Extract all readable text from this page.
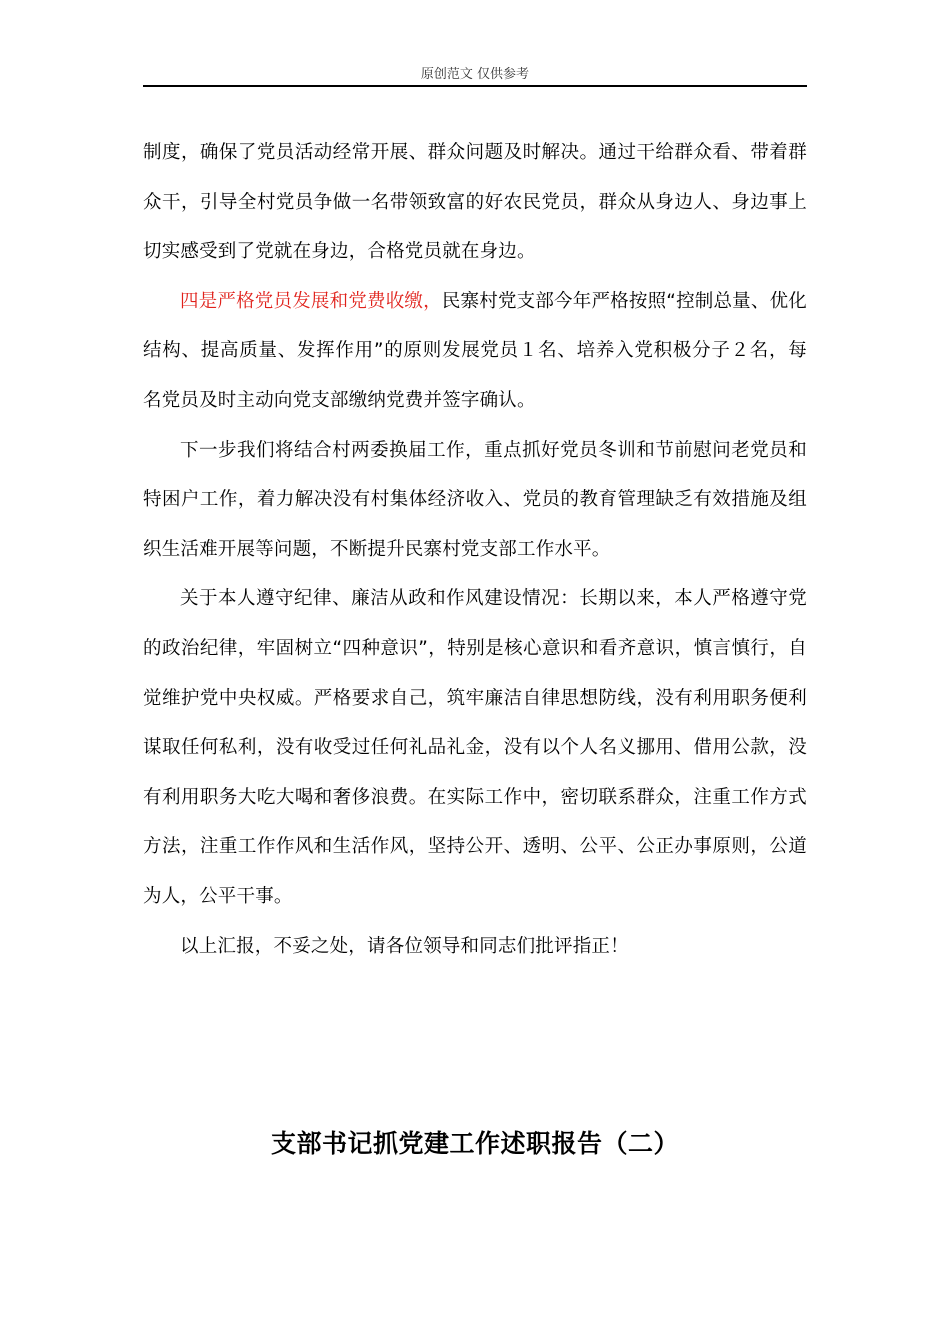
原创范文 仅供参考

制度，确保了党员活动经常开展、群众问题及时解决。通过干给群众看、带着群众干，引导全村党员争做一名带领致富的好农民党员，群众从身边人、身边事上切实感受到了党就在身边，合格党员就在身边。

四是严格党员发展和党费收缴，民寨村党支部今年严格按照“控制总量、优化结构、提高质量、发挥作用”的原则发展党员１名、培养入党积极分子２名，每名党员及时主动向党支部缴纳党费并签字确认。

下一步我们将结合村两委换届工作，重点抓好党员冬训和节前慰问老党员和特困户工作，着力解决没有村集体经济收入、党员的教育管理缺乏有效措施及组织生活难开展等问题，不断提升民寨村党支部工作水平。

关于本人遵守纪律、廉洁从政和作风建设情况：长期以来，本人严格遵守党的政治纪律，牢固树立“四种意识”，特别是核心意识和看齐意识，慎言慎行，自觉维护党中央权威。严格要求自己，筑牢廉洁自律思想防线，没有利用职务便利谋取任何私利，没有收受过任何礼品礼金，没有以个人名义挪用、借用公款，没有利用职务大吃大喝和奢侈浪费。在实际工作中，密切联系群众，注重工作方式方法，注重工作作风和生活作风，坚持公开、透明、公平、公正办事原则，公道为人，公平干事。

以上汇报，不妥之处，请各位领导和同志们批评指正！

支部书记抓党建工作述职报告（二）
